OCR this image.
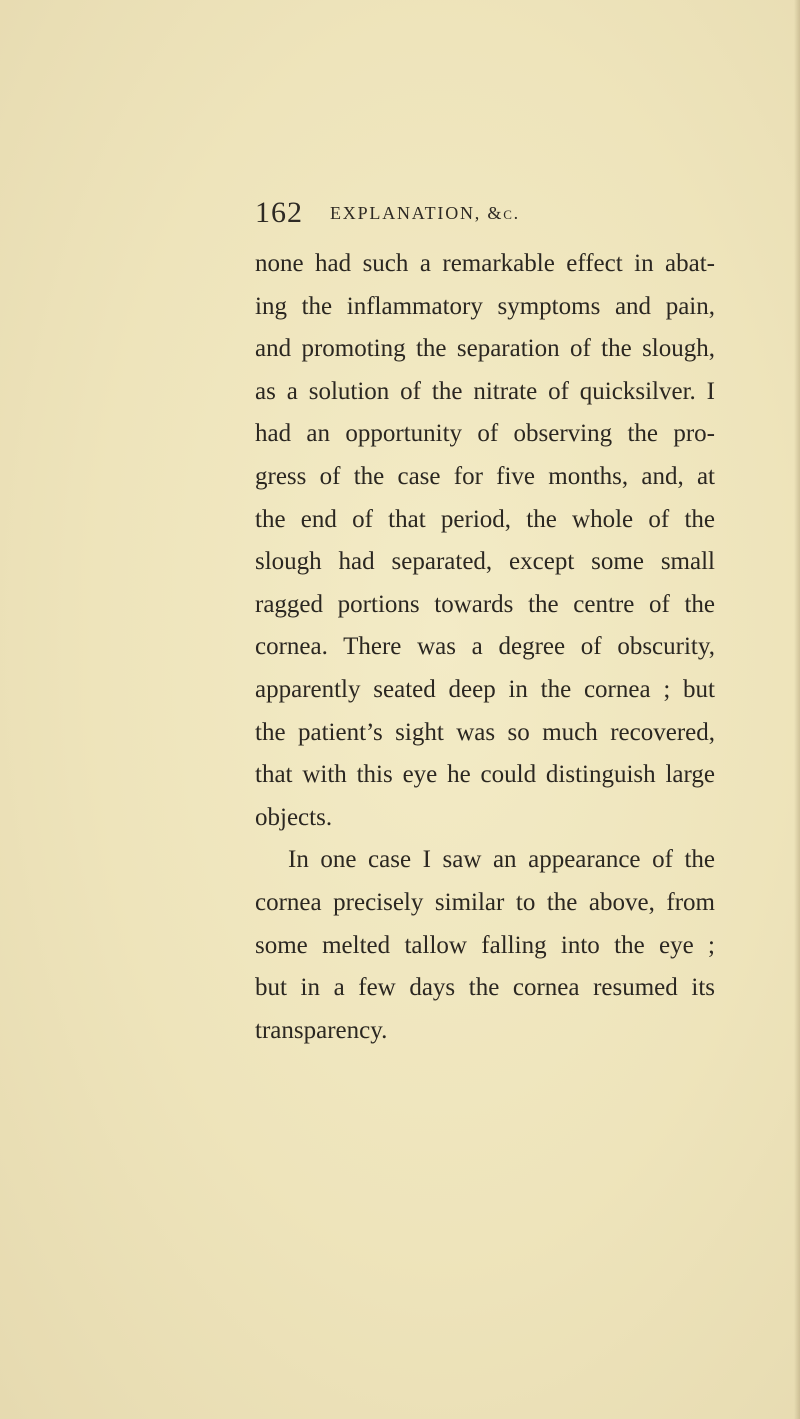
162 EXPLANATION, &c.
none had such a remarkable effect in abat-
ing the inflammatory symptoms and pain,
and promoting the separation of the slough,
as a solution of the nitrate of quicksilver. I
had an opportunity of observing the pro-
gress of the case for five months, and, at
the end of that period, the whole of the
slough had separated, except some small
ragged portions towards the centre of the
cornea. There was a degree of obscurity,
apparently seated deep in the cornea ; but
the patient’s sight was so much recovered,
that with this eye he could distinguish large
objects.
In one case I saw an appearance of the
cornea precisely similar to the above, from
some melted tallow falling into the eye ;
but in a few days the cornea resumed its
transparency.
